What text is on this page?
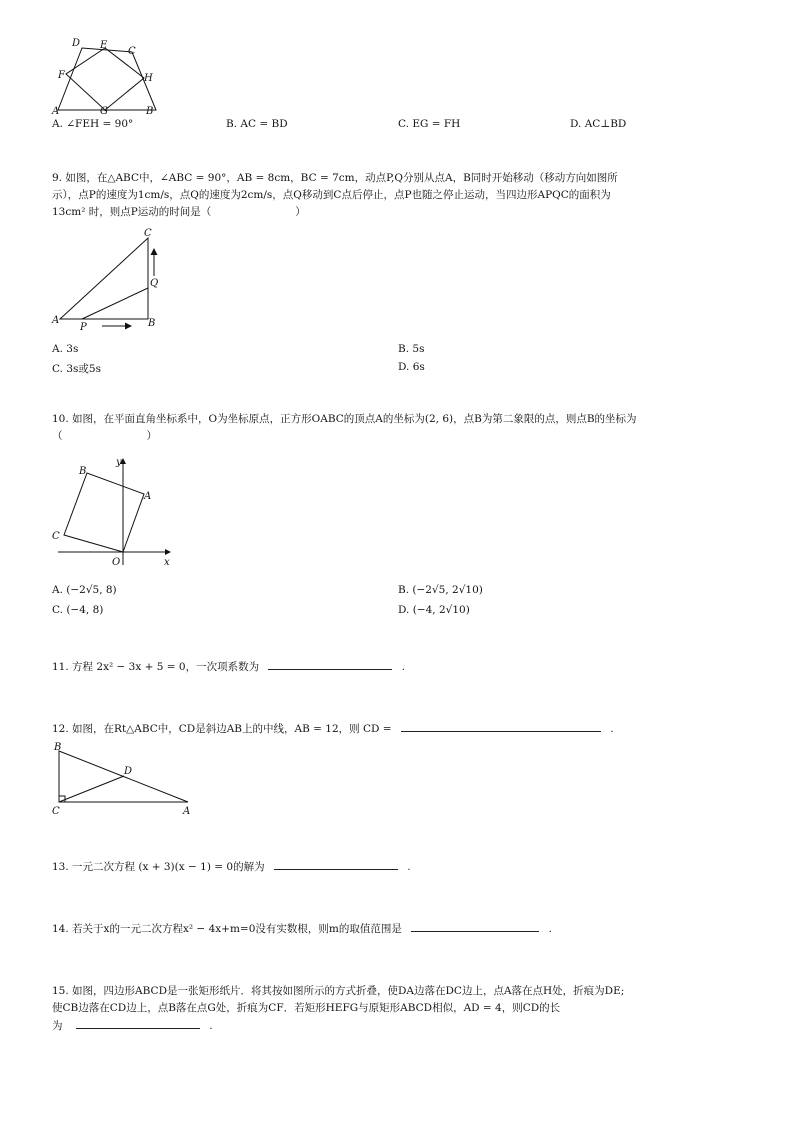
D E
C
F	H
A	G	B
A. ∠FEH = 90°	B. AC = BD	C. EG = FH	D. AC⊥BD
9. 如图，在△ABC中，∠ABC = 90°，AB = 8cm，BC = 7cm，动点P,Q分别从点A，B同时开始移动（移动方向如图所
示），点P的速度为1cm/s，点Q的速度为2cm/s，点Q移动到C点后停止，点P也随之停止运动，当四边形APQC的面积为
13cm² 时，则点P运动的时间是（　　　　　　　　）
C
Q
A
P	B
A. 3s	B. 5s
C. 3s或5s	D. 6s
10. 如图，在平面直角坐标系中，O为坐标原点，正方形OABC的顶点A的坐标为(2, 6)，点B为第二象限的点，则点B的坐标为
（　　　　　　　　）
y
B
A
C
O	x
A. (−2√5, 8)	B. (−2√5, 2√10)
C. (−4, 8)	D. (−4, 2√10)
11. 方程 2x² − 3x + 5 = 0，一次项系数为	.
12. 如图，在Rt△ABC中，CD是斜边AB上的中线，AB = 12，则 CD =	.
B
D
C	A
13. 一元二次方程 (x + 3)(x − 1) = 0的解为	.
14. 若关于x的一元二次方程x² − 4x+m=0没有实数根，则m的取值范围是	.
15. 如图，四边形ABCD是一张矩形纸片．将其按如图所示的方式折叠，使DA边落在DC边上，点A落在点H处，折痕为DE;
使CB边落在CD边上，点B落在点G处，折痕为CF．若矩形HEFG与原矩形ABCD相似，AD = 4，则CD的长
为	.
